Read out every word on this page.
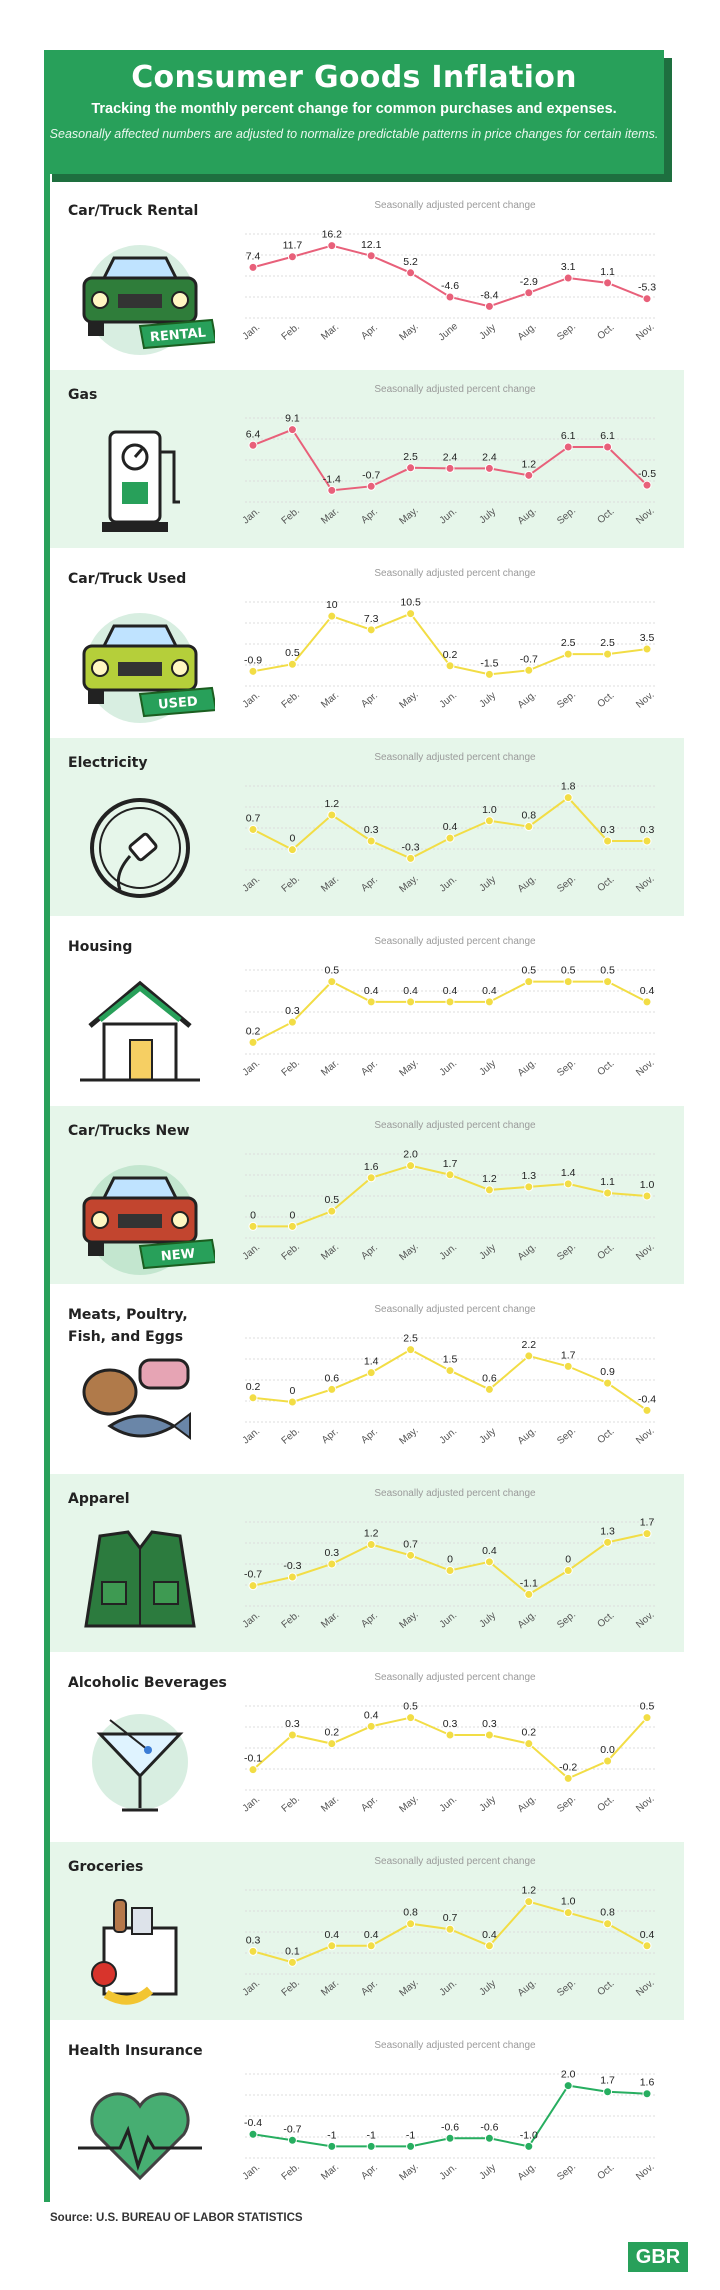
Consumer Goods Inflation
Tracking the monthly percent change for common purchases and expenses.
Seasonally affected numbers are adjusted to normalize predictable patterns in price changes for certain items.
Car/Truck Rental
RENTAL
Seasonally adjusted percent change
7.4
Jan.
11.7
Feb.
16.2
Mar.
12.1
Apr.
5.2
May.
-4.6
June
-8.4
July
-2.9
Aug.
3.1
Sep.
1.1
Oct.
-5.3
Nov.
Gas	Seasonally adjusted percent change
6.4
Jan.
9.1
Feb.
-1.4
Mar.
-0.7
Apr.
2.5
May.
2.4
Jun.
2.4
July
1.2
Aug.
6.1
Sep.
6.1
Oct.
-0.5
Nov.
Car/Truck Used
USED
Seasonally adjusted percent change
-0.9
Jan.
0.5
Feb.
10
Mar.
7.3
Apr.
10.5
May.
0.2
Jun.
-1.5
July
-0.7
Aug.
2.5
Sep.
2.5
Oct.
3.5
Nov.
Electricity	Seasonally adjusted percent change
0.7
Jan.
0
Feb.
1.2
Mar.
0.3
Apr.
-0.3
May.
0.4
Jun.
1.0
July
0.8
Aug.
1.8
Sep.
0.3
Oct.
0.3
Nov.
Housing	Seasonally adjusted percent change
0.2
Jan.
0.3
Feb.
0.5
Mar.
0.4
Apr.
0.4
May.
0.4
Jun.
0.4
July
0.5
Aug.
0.5
Sep.
0.5
Oct.
0.4
Nov.
Car/Trucks New
NEW
Seasonally adjusted percent change
0
Jan.
0
Feb.
0.5
Mar.
1.6
Apr.
2.0
May.
1.7
Jun.
1.2
July
1.3
Aug.
1.4
Sep.
1.1
Oct.
1.0
Nov.
Meats, Poultry, Fish, and Eggs
Seasonally adjusted percent change
0.2
Jan.
0
Feb.
0.6
Apr.
1.4
Apr.
2.5
May.
1.5
Jun.
0.6
July
2.2
Aug.
1.7
Sep.
0.9
Oct.
-0.4
Nov.
Apparel	Seasonally adjusted percent change
-0.7
Jan.
-0.3
Feb.
0.3
Mar.
1.2
Apr.
0.7
May.
0
Jun.
0.4
July
-1.1
Aug.
0
Sep.
1.3
Oct.
1.7
Nov.
Alcoholic Beverages	Seasonally adjusted percent change
-0.1
Jan.
0.3
Feb.
0.2
Mar.
0.4
Apr.
0.5
May.
0.3
Jun.
0.3
July
0.2
Aug.
-0.2
Sep.
0.0
Oct.
0.5
Nov.
Groceries	Seasonally adjusted percent change
0.3
Jan.
0.1
Feb.
0.4
Mar.
0.4
Apr.
0.8
May.
0.7
Jun.
0.4
July
1.2
Aug.
1.0
Sep.
0.8
Oct.
0.4
Nov.
Health Insurance	Seasonally adjusted percent change
-0.4
Jan.
-0.7
Feb.
-1
Mar.
-1
Apr.
-1
May.
-0.6
Jun.
-0.6
July
-1.0
Aug.
2.0
Sep.
1.7
Oct.
1.6
Nov.
Source: U.S. BUREAU OF LABOR STATISTICS
GBR
